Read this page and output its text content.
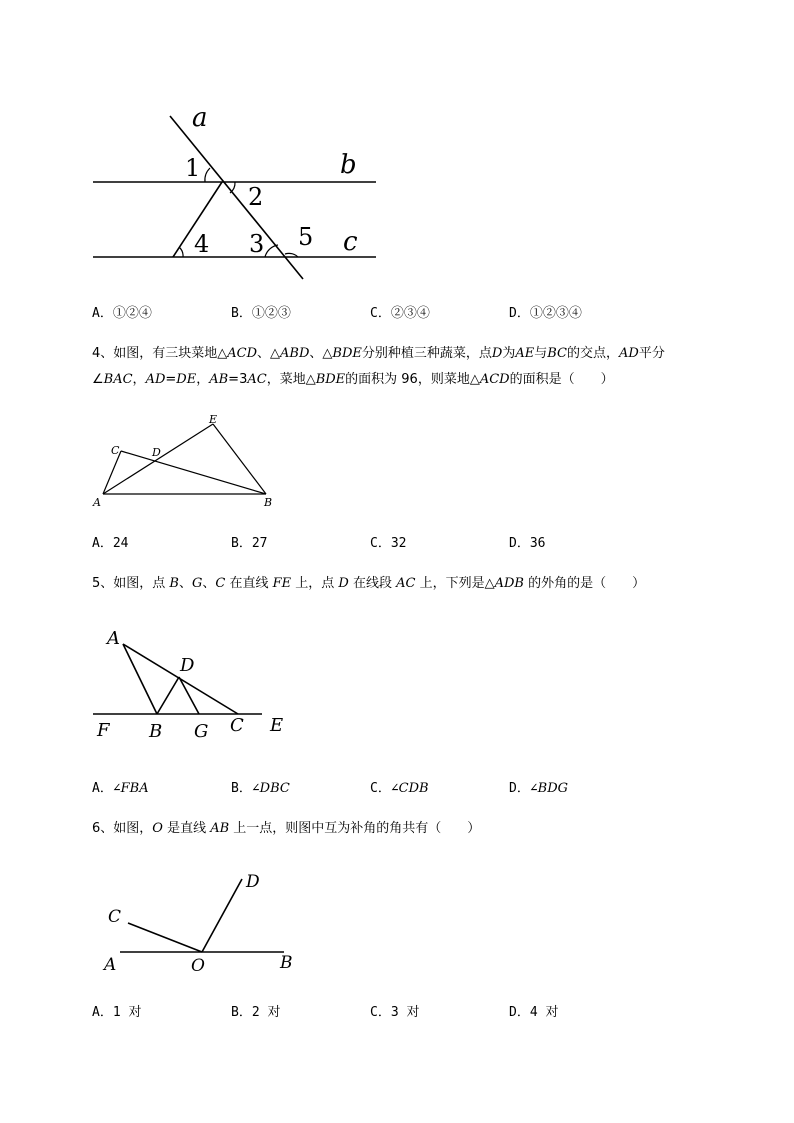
a
b
c
1
2
4 3 5
A．①②④	B．①②③	C．②③④	D．①②③④
4、如图，有三块菜地△ACD、△ABD、△BDE分别种植三种蔬菜，点D为AE与BC的交点，AD平分
∠BAC，AD=DE，AB=3AC，菜地△BDE的面积为 96，则菜地△ACD的面积是（　　）
A	B
C	D
E
A．24	B．27	C．32	D．36
5、如图，点 B、G、C 在直线 FE 上，点 D 在线段 AC 上，下列是△ADB 的外角的是（　　）
A
D
F B G C E
A．∠FBA	B．∠DBC	C．∠CDB	D．∠BDG
6、如图，O 是直线 AB 上一点，则图中互为补角的角共有（　　）
D
C
A	O	B
A．1 对	B．2 对	C．3 对	D．4 对
